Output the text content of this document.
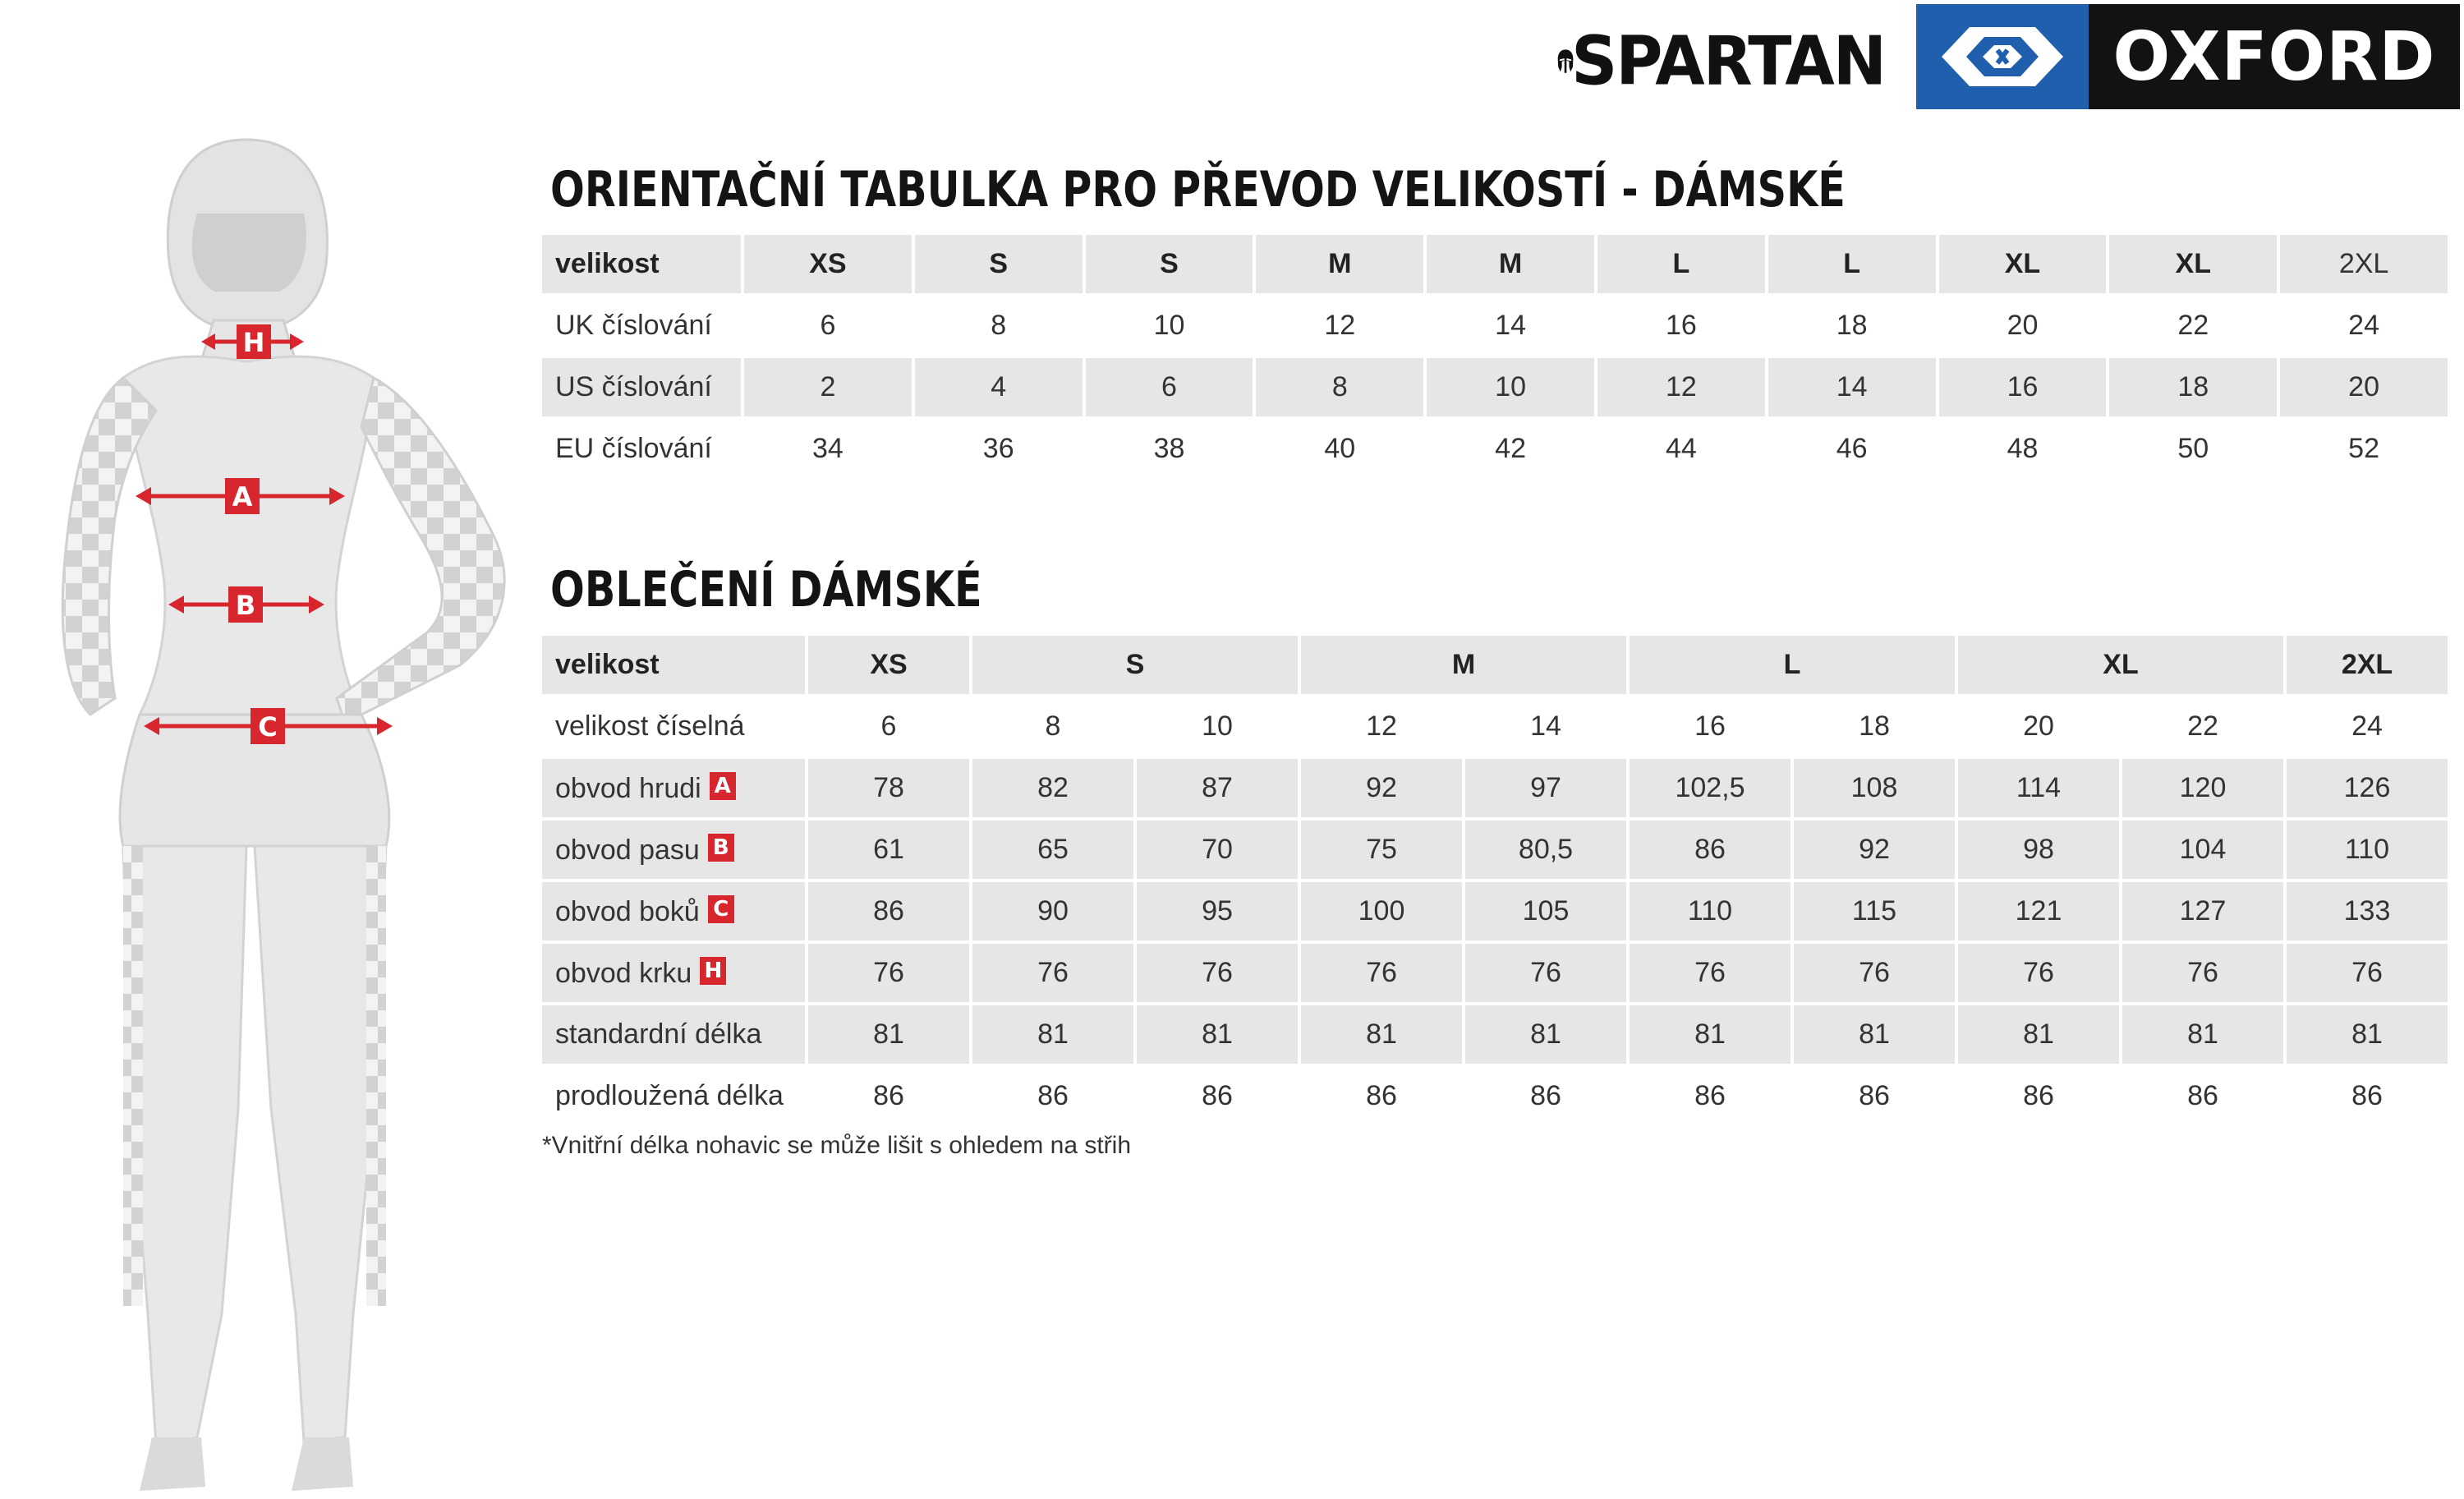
SPARTAN	OXFORD
H
A
B
C
ORIENTAČNÍ TABULKA PRO PŘEVOD VELIKOSTÍ - DÁMSKÉ
velikost	XS	S	S	M	M	L	L	XL	XL	2XL
UK číslování	6	8	10	12	14	16	18	20	22	24
US číslování	2	4	6	8	10	12	14	16	18	20
EU číslování	34	36	38	40	42	44	46	48	50	52
OBLEČENÍ DÁMSKÉ
velikost	XS	S		M		L		XL		2XL
velikost číselná	6	8	10	12	14	16	18	20	22	24
obvod hrudi A	78	82	87	92	97	102,5	108	114	120	126
obvod pasu B	61	65	70	75	80,5	86	92	98	104	110
obvod boků C	86	90	95	100	105	110	115	121	127	133
obvod krku H	76	76	76	76	76	76	76	76	76	76
standardní délka	81	81	81	81	81	81	81	81	81	81
prodloužená délka	86	86	86	86	86	86	86	86	86	86
*Vnitřní délka nohavic se může lišit s ohledem na střih
